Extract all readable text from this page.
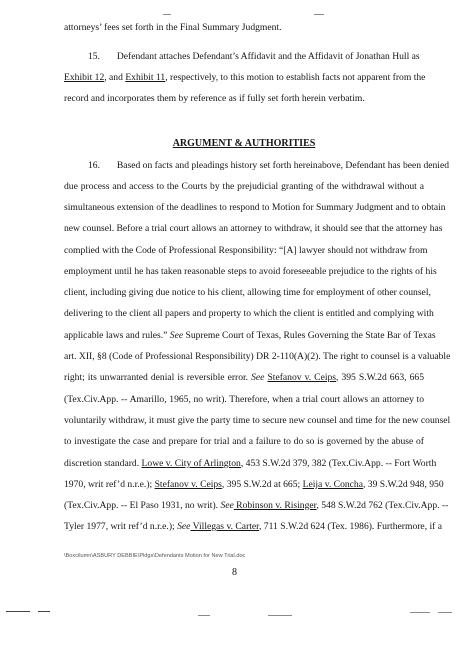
attorneys’ fees set forth in the Final Summary Judgment.
15. Defendant attaches Defendant’s Affidavit and the Affidavit of Jonathan Hull as
Exhibit 12, and Exhibit 11, respectively, to this motion to establish facts not apparent from the
record and incorporates them by reference as if fully set forth herein verbatim.
ARGUMENT & AUTHORITIES
16. Based on facts and pleadings history set forth hereinabove, Defendant has been denied
due process and access to the Courts by the prejudicial granting of the withdrawal without a
simultaneous extension of the deadlines to respond to Motion for Summary Judgment and to obtain
new counsel. Before a trial court allows an attorney to withdraw, it should see that the attorney has
complied with the Code of Professional Responsibility: “[A] lawyer should not withdraw from
employment until he has taken reasonable steps to avoid foreseeable prejudice to the rights of his
client, including giving due notice to his client, allowing time for employment of other counsel,
delivering to the client all papers and property to which the client is entitled and complying with
applicable laws and rules.” See Supreme Court of Texas, Rules Governing the State Bar of Texas
art. XII, §8 (Code of Professional Responsibility) DR 2-110(A)(2). The right to counsel is a valuable
right; its unwarranted denial is reversible error. See Stefanov v. Ceips, 395 S.W.2d 663, 665
(Tex.Civ.App. -- Amarillo, 1965, no writ). Therefore, when a trial court allows an attorney to
voluntarily withdraw, it must give the party time to secure new counsel and time for the new counsel
to investigate the case and prepare for trial and a failure to do so is governed by the abuse of
discretion standard. Lowe v. City of Arlington, 453 S.W.2d 379, 382 (Tex.Civ.App. -- Fort Worth
1970, writ ref’d n.r.e.); Stefanov v. Ceips, 395 S.W.2d at 665; Leija v. Concha, 39 S.W.2d 948, 950
(Tex.Civ.App. -- El Paso 1931, no writ). See Robinson v. Risinger, 548 S.W.2d 762 (Tex.Civ.App. --
Tyler 1977, writ ref’d n.r.e.); See Villegas v. Carter, 711 S.W.2d 624 (Tex. 1986). Furthermore, if a
\Boxcilumn\ASBURY DEBBIE\Pldgs\Defendants Motion for New Trial.doc
8
